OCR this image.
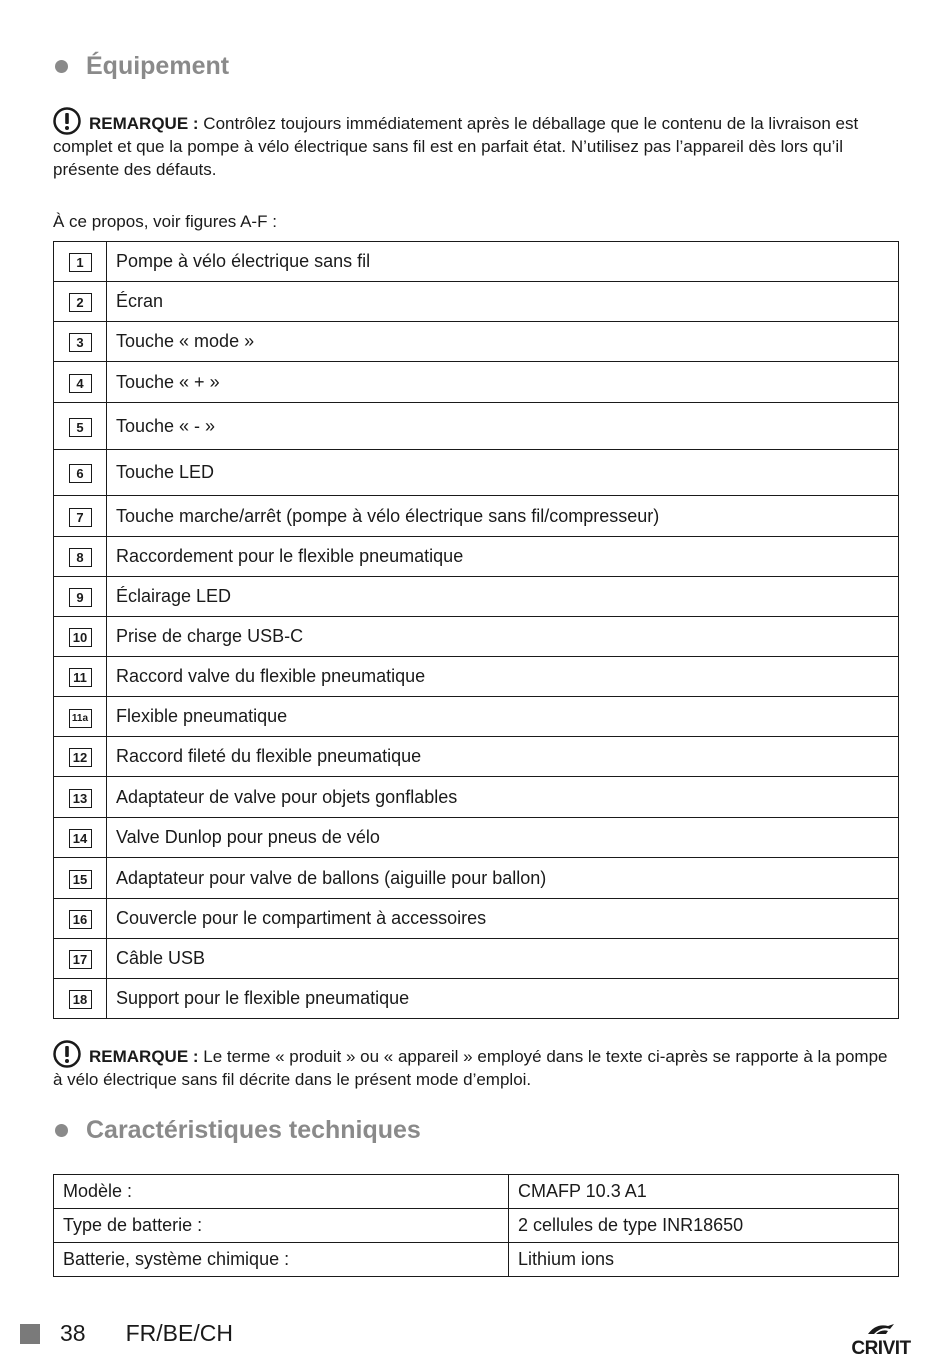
Équipement
REMARQUE : Contrôlez toujours immédiatement après le déballage que le contenu de la livraison est complet et que la pompe à vélo électrique sans fil est en parfait état. N’utilisez pas l’appareil dès lors qu’il présente des défauts.
À ce propos, voir figures A-F :
1	Pompe à vélo électrique sans fil
2	Écran
3	Touche « mode »
4	Touche « + »
5	Touche « - »
6	Touche LED
7	Touche marche/arrêt (pompe à vélo électrique sans fil/compresseur)
8	Raccordement pour le flexible pneumatique
9	Éclairage LED
10	Prise de charge USB-C
11	Raccord valve du flexible pneumatique
11a	Flexible pneumatique
12	Raccord fileté du flexible pneumatique
13	Adaptateur de valve pour objets gonflables
14	Valve Dunlop pour pneus de vélo
15	Adaptateur pour valve de ballons (aiguille pour ballon)
16	Couvercle pour le compartiment à accessoires
17	Câble USB
18	Support pour le flexible pneumatique
REMARQUE : Le terme « produit » ou « appareil » employé dans le texte ci-après se rapporte à la pompe à vélo électrique sans fil décrite dans le présent mode d’emploi.
Caractéristiques techniques
Modèle :	CMAFP 10.3 A1
Type de batterie :	2 cellules de type INR18650
Batterie, système chimique :	Lithium ions
38 FR/BE/CH
CRIVIT
